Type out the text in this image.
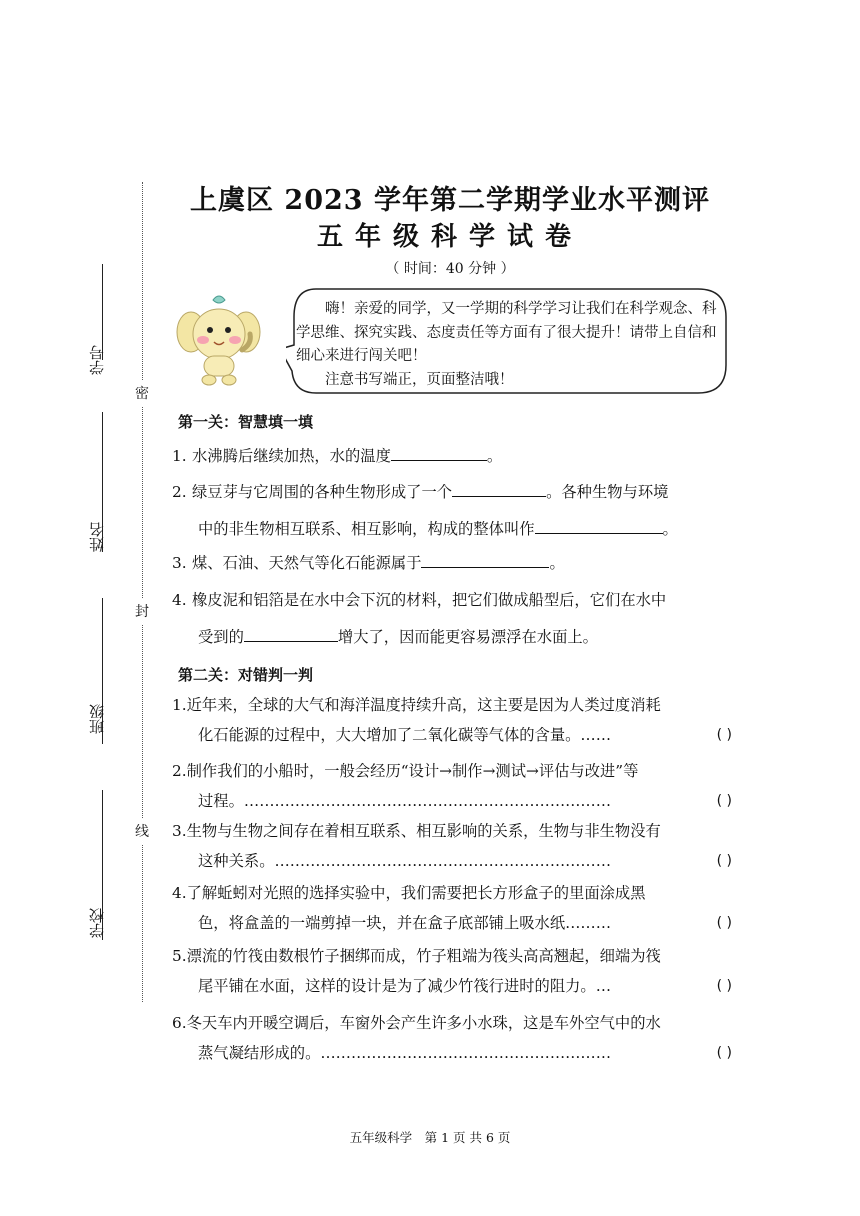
学号
姓名
班级
学校
密
封
线
上虞区 2023 学年第二学期学业水平测评
五年级科学试卷
（ 时间：40 分钟 ）

嗨！亲爱的同学，又一学期的科学学习让我们在科学观念、科学思维、探究实践、态度责任等方面有了很大提升！请带上自信和细心来进行闯关吧！

注意书写端正，页面整洁哦！

第一关：智慧填一填
1. 水沸腾后继续加热，水的温度	。
2. 绿豆芽与它周围的各种生物形成了一个	。各种生物与环境
中的非生物相互联系、相互影响，构成的整体叫作	。
3. 煤、石油、天然气等化石能源属于	。
4. 橡皮泥和铝箔是在水中会下沉的材料，把它们做成船型后，它们在水中
受到的	增大了，因而能更容易漂浮在水面上。
第二关：对错判一判
1.近年来，全球的大气和海洋温度持续升高，这主要是因为人类过度消耗
化石能源的过程中，大大增加了二氧化碳等气体的含量。……	( )
2.制作我们的小船时，一般会经历“设计→制作→测试→评估与改进”等
过程。………………………………………………………………	( )
3.生物与生物之间存在着相互联系、相互影响的关系，生物与非生物没有
这种关系。…………………………………………………………	( )
4.了解蚯蚓对光照的选择实验中，我们需要把长方形盒子的里面涂成黑
色，将盒盖的一端剪掉一块，并在盒子底部铺上吸水纸………	( )
5.漂流的竹筏由数根竹子捆绑而成，竹子粗端为筏头高高翘起，细端为筏
尾平铺在水面，这样的设计是为了减少竹筏行进时的阻力。…	( )
6.冬天车内开暖空调后，车窗外会产生许多小水珠，这是车外空气中的水
蒸气凝结形成的。…………………………………………………	( )
五年级科学　第 1 页 共 6 页
